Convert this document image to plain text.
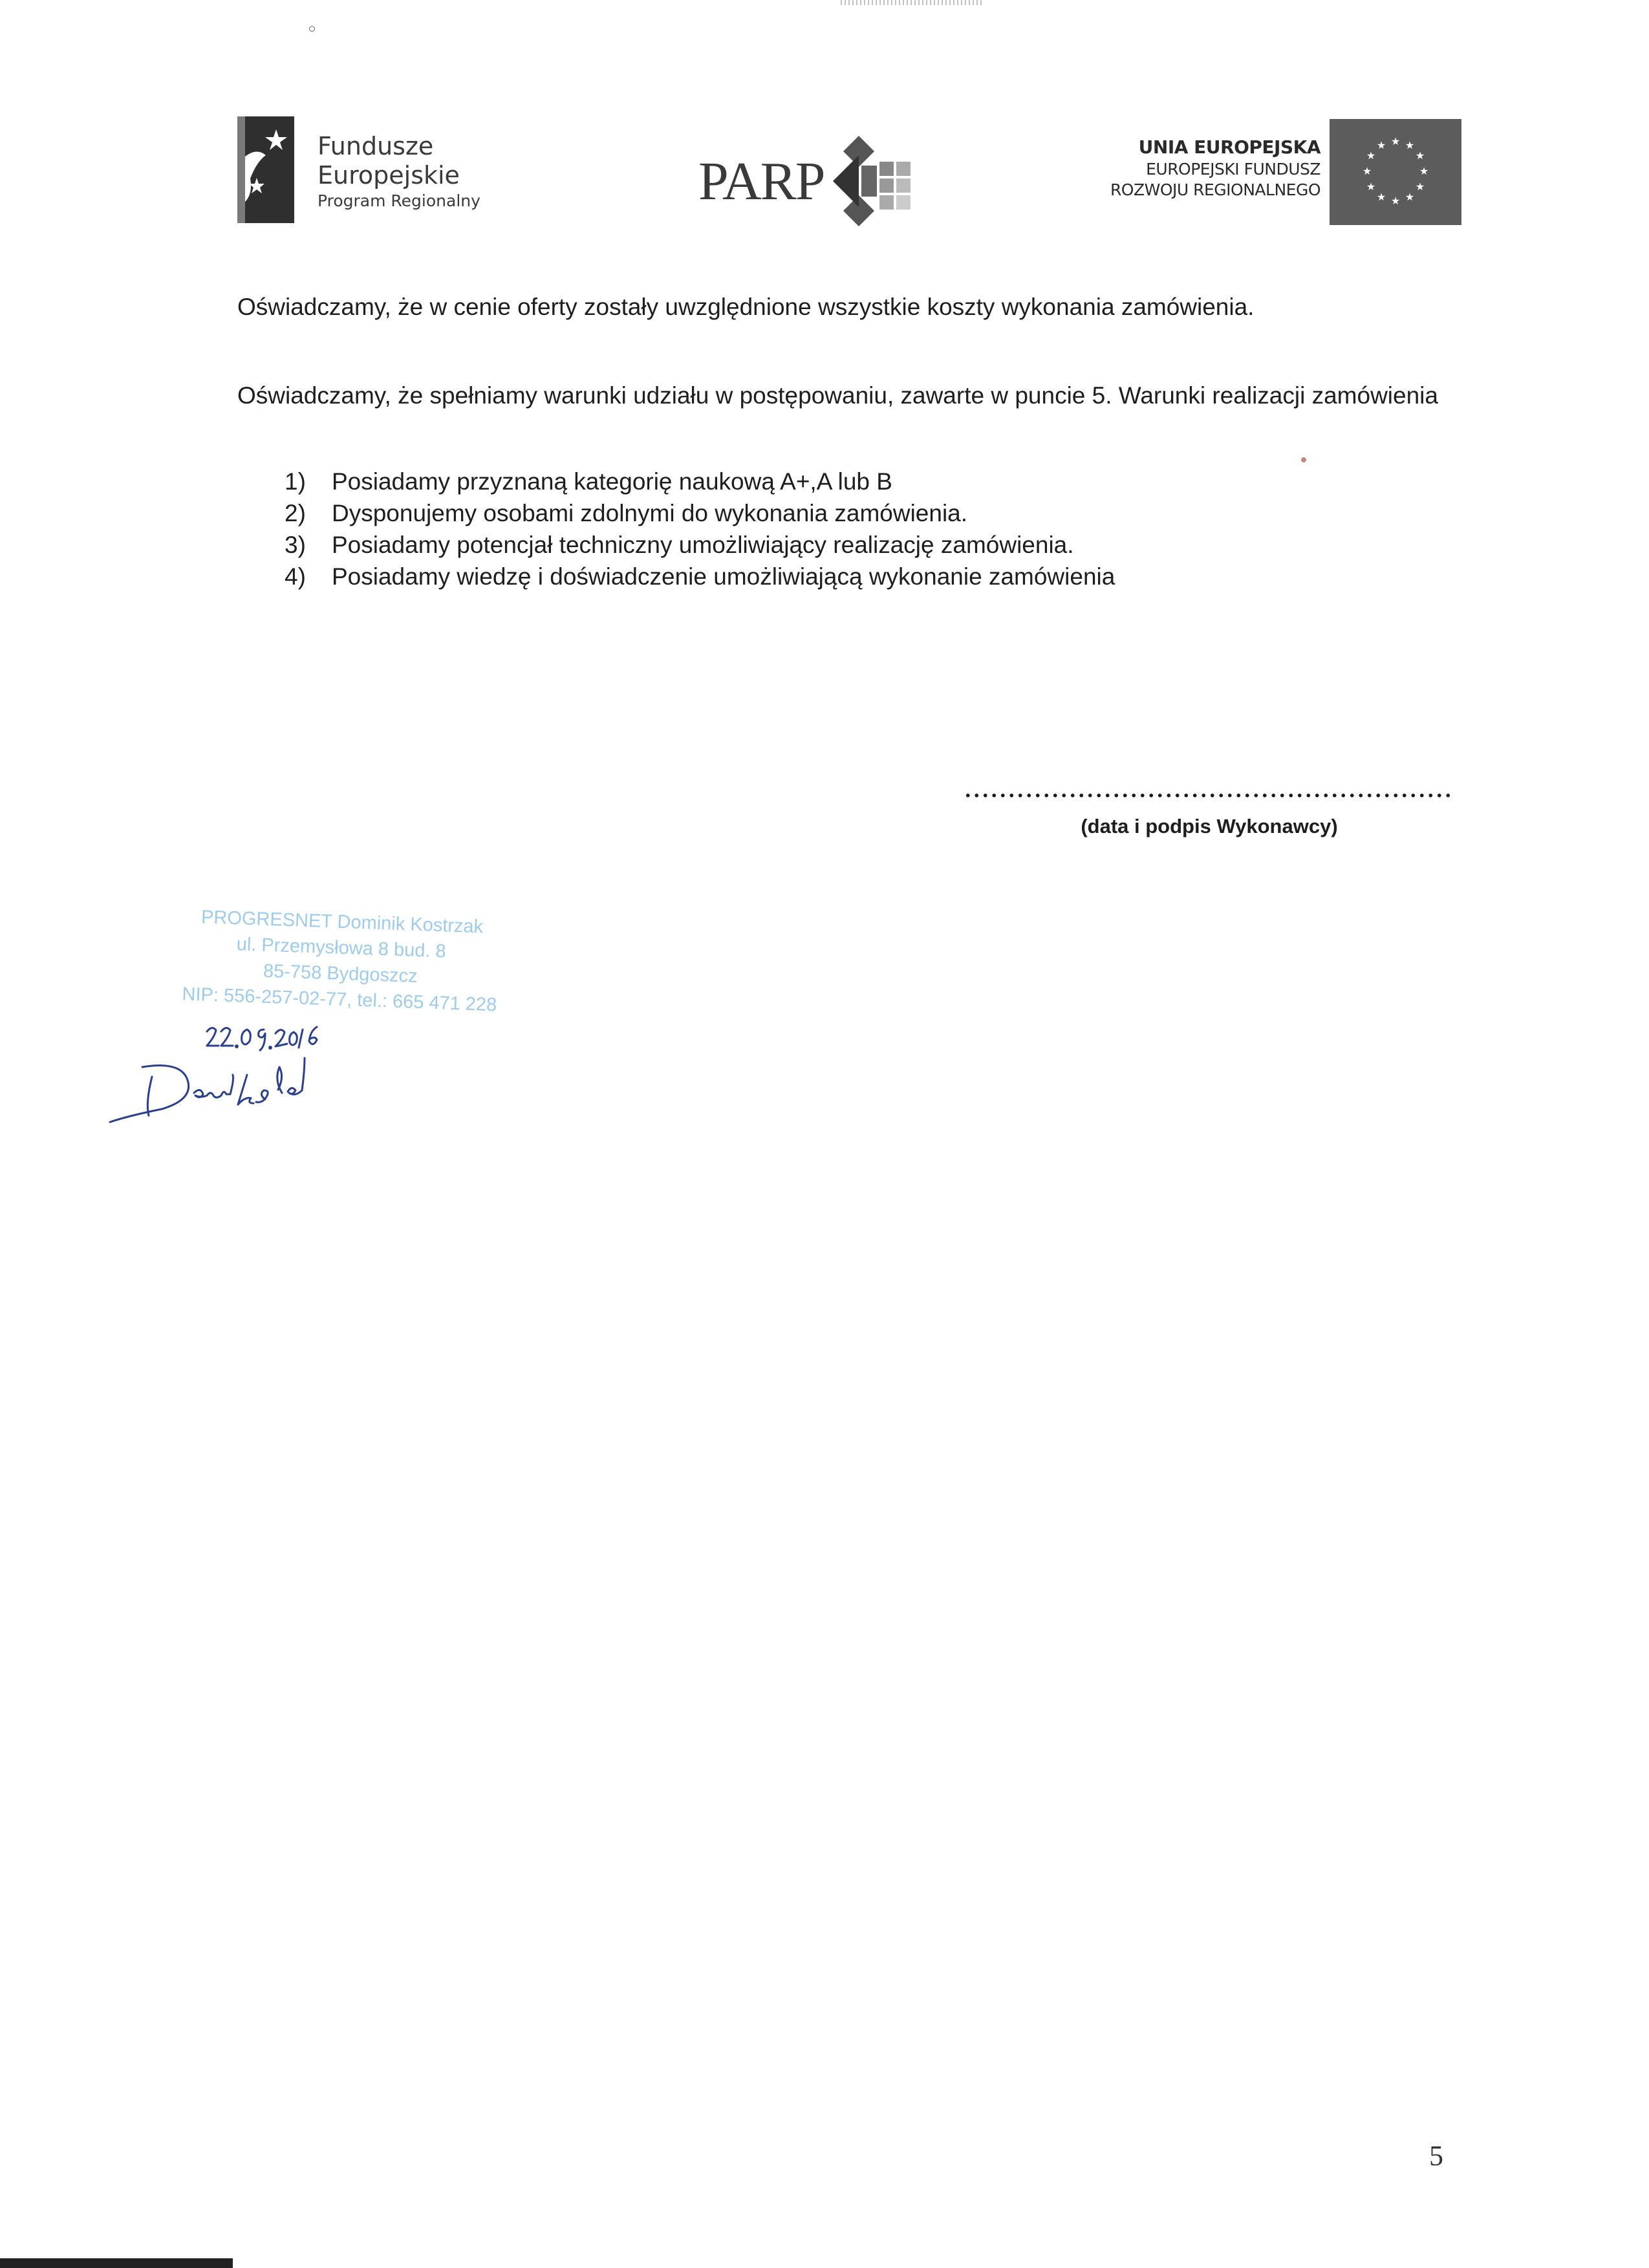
Fundusze
Europejskie
Program Regionalny	PARP
UNIA EUROPEJSKA
EUROPEJSKI FUNDUSZ
ROZWOJU REGIONALNEGO
★ ★
★
★
★
★
★
★
★
★
★
★
Oświadczamy, że w cenie oferty zostały uwzględnione wszystkie koszty wykonania zamówienia.
Oświadczamy, że spełniamy warunki udziału w postępowaniu, zawarte w puncie 5. Warunki realizacji zamówienia
1)	Posiadamy przyznaną kategorię naukową A+,A lub B
2)	Dysponujemy osobami zdolnymi do wykonania zamówienia.
3)	Posiadamy potencjał techniczny umożliwiający realizację zamówienia.
4)	Posiadamy wiedzę i doświadczenie umożliwiającą wykonanie zamówienia
(data i podpis Wykonawcy)
PROGRESNET Dominik Kostrzak
ul. Przemysłowa 8 bud. 8
85-758 Bydgoszcz
NIP: 556-257-02-77, tel.: 665 471 228
5
